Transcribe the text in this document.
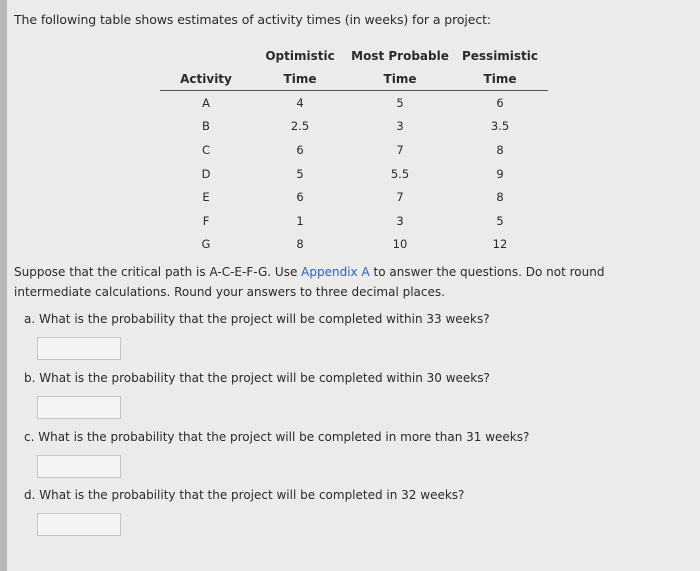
The following table shows estimates of activity times (in weeks) for a project:
	Optimistic	Most Probable	Pessimistic
Activity	Time	Time	Time
A	4	5	6
B	2.5	3	3.5
C	6	7	8
D	5	5.5	9
E	6	7	8
F	1	3	5
G	8	10	12
Suppose that the critical path is A-C-E-F-G. Use Appendix A to answer the questions. Do not round intermediate calculations. Round your answers to three decimal places.
a. What is the probability that the project will be completed within 33 weeks?
b. What is the probability that the project will be completed within 30 weeks?
c. What is the probability that the project will be completed in more than 31 weeks?
d. What is the probability that the project will be completed in 32 weeks?
